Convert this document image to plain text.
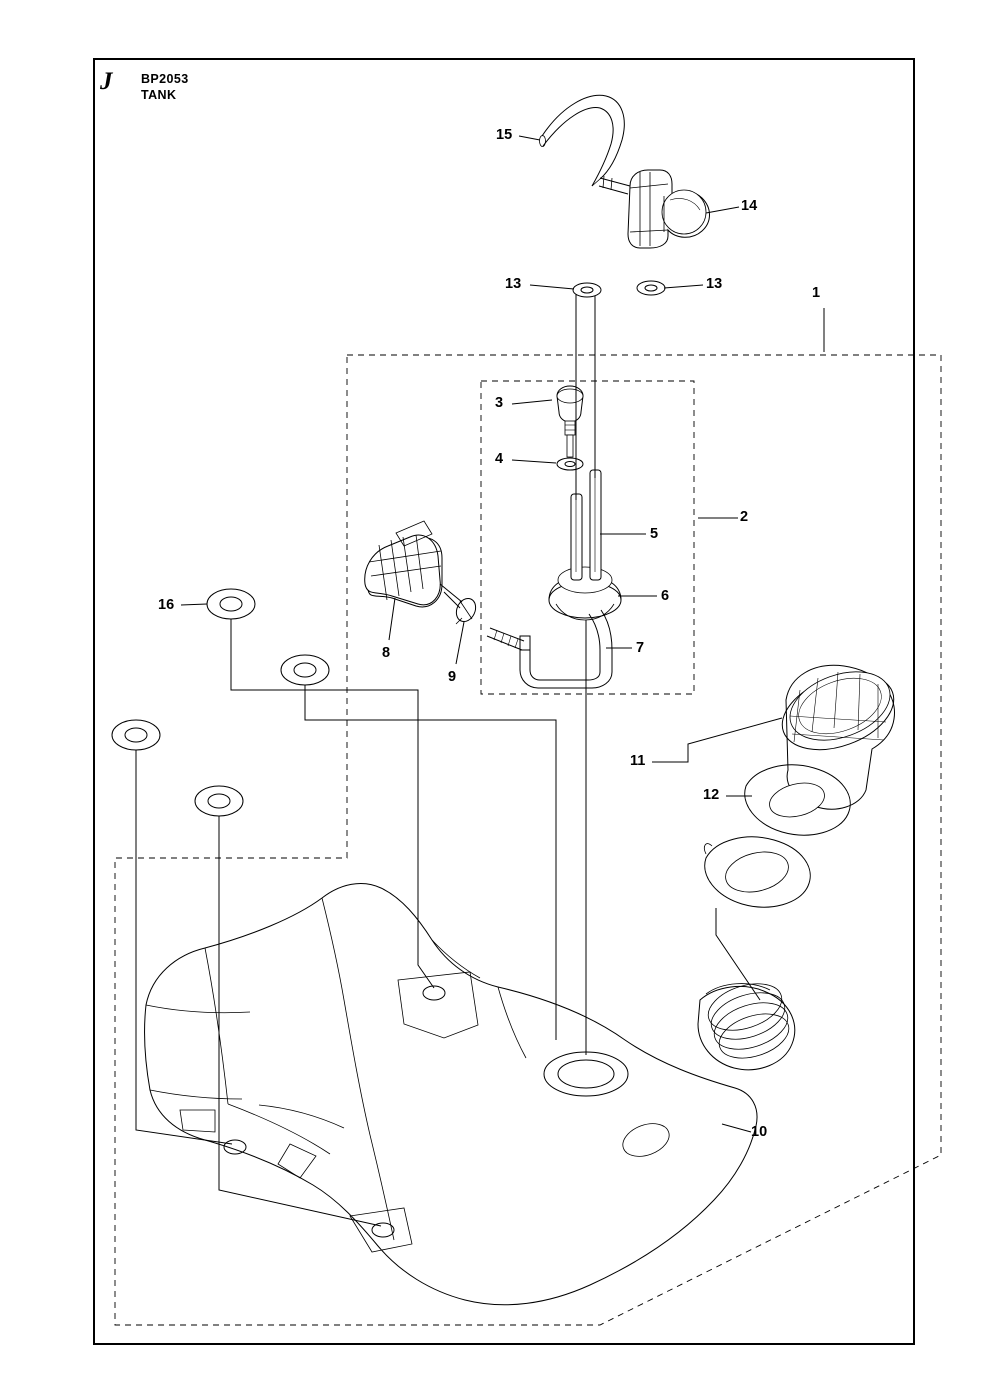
J BP2053
TANK
1
2
3
4
5
6
7
8
9
10
11
12
13	13
14
15
16
